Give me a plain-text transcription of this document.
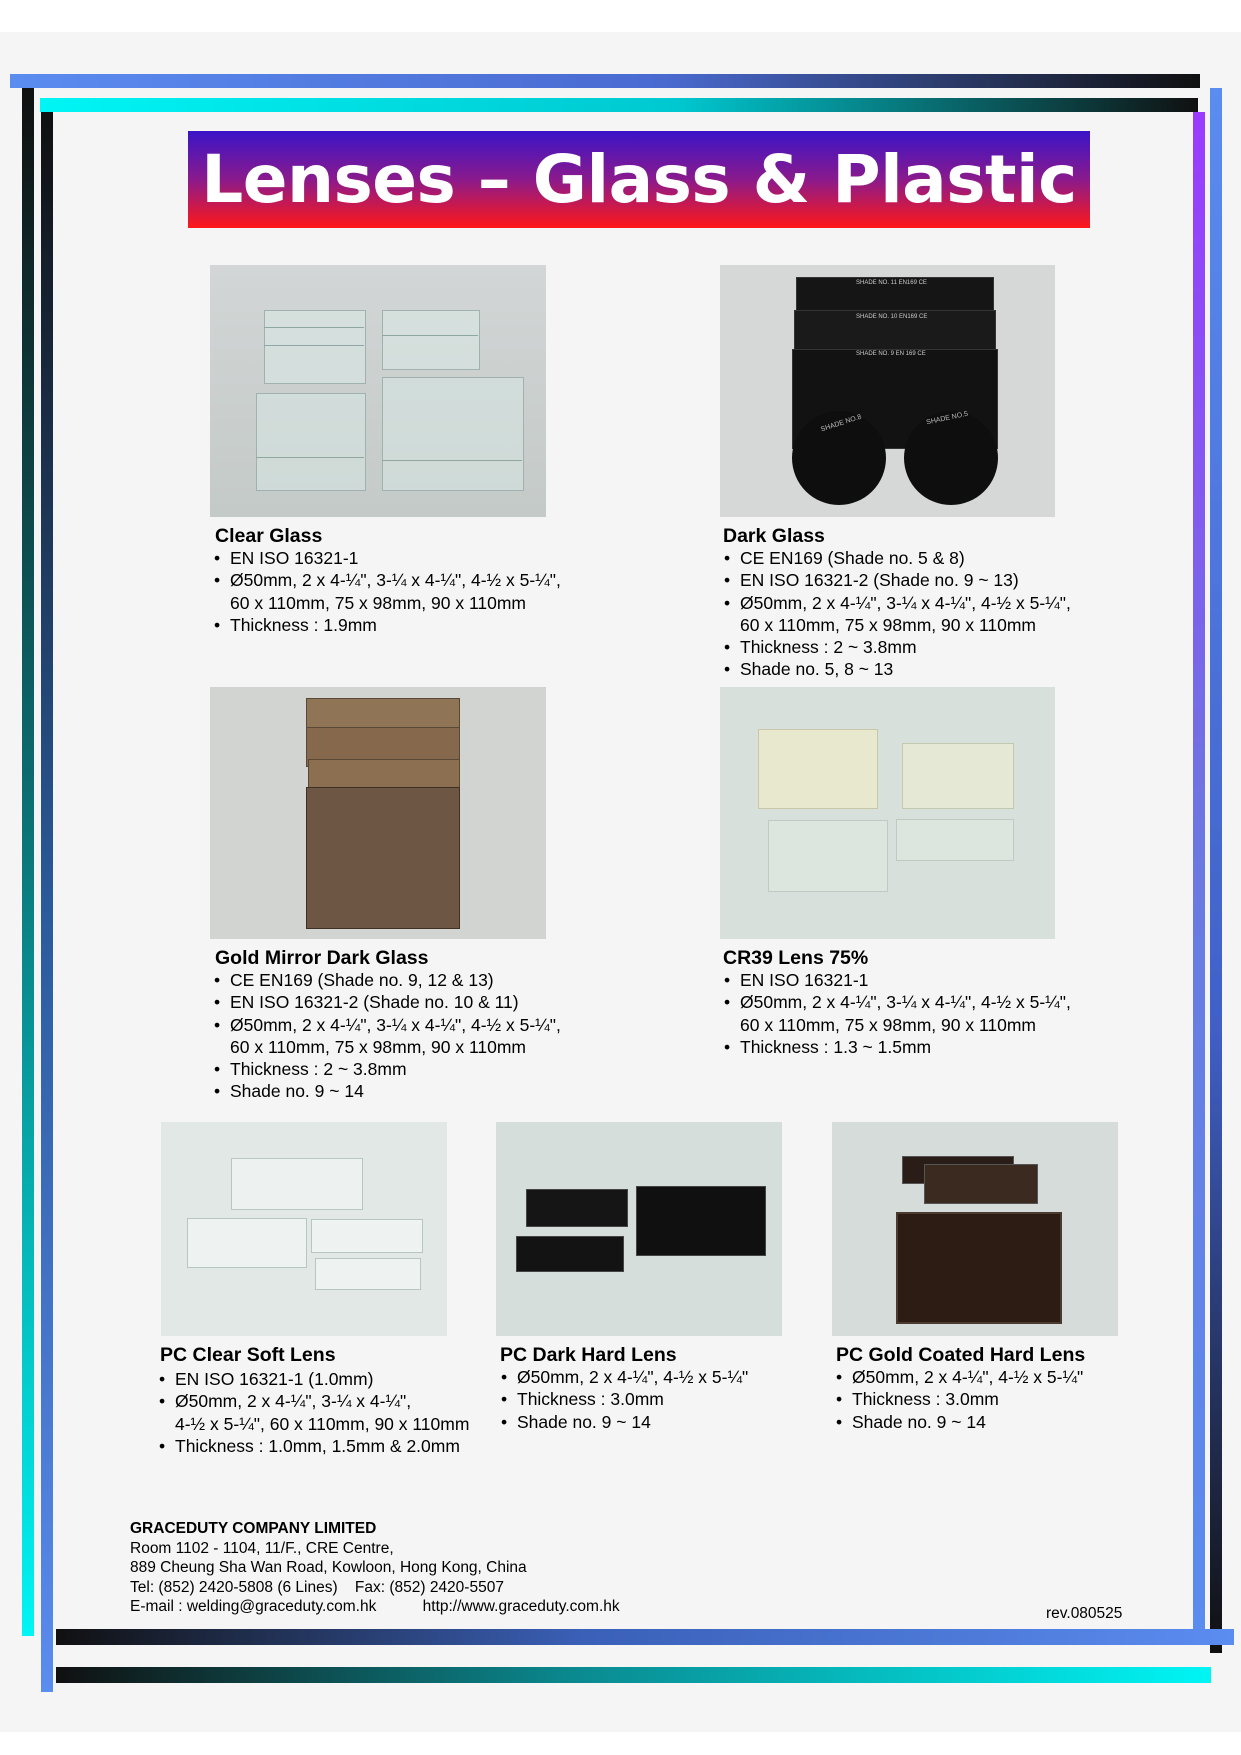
Lenses – Glass & Plastic
Clear Glass
• EN ISO 16321-1
• Ø50mm, 2 x 4-¼", 3-¼ x 4-¼", 4-½ x 5-¼",
60 x 110mm, 75 x 98mm, 90 x 110mm
• Thickness : 1.9mm
SHADE NO. 11 EN169 CE
SHADE NO. 10 EN169 CE
SHADE NO. 9 EN 169 CE
SHADE NO.8	SHADE NO.5
Dark Glass
• CE EN169 (Shade no. 5 & 8)
• EN ISO 16321-2 (Shade no. 9 ~ 13)
• Ø50mm, 2 x 4-¼", 3-¼ x 4-¼", 4-½ x 5-¼",
60 x 110mm, 75 x 98mm, 90 x 110mm
• Thickness : 2 ~ 3.8mm
• Shade no. 5, 8 ~ 13
Gold Mirror Dark Glass
• CE EN169 (Shade no. 9, 12 & 13)
• EN ISO 16321-2 (Shade no. 10 & 11)
• Ø50mm, 2 x 4-¼", 3-¼ x 4-¼", 4-½ x 5-¼",
60 x 110mm, 75 x 98mm, 90 x 110mm
• Thickness : 2 ~ 3.8mm
• Shade no. 9 ~ 14
CR39 Lens 75%
• EN ISO 16321-1
• Ø50mm, 2 x 4-¼", 3-¼ x 4-¼", 4-½ x 5-¼",
60 x 110mm, 75 x 98mm, 90 x 110mm
• Thickness : 1.3 ~ 1.5mm
PC Clear Soft Lens
• EN ISO 16321-1 (1.0mm)
• Ø50mm, 2 x 4-¼", 3-¼ x 4-¼",
4-½ x 5-¼", 60 x 110mm, 90 x 110mm
• Thickness : 1.0mm, 1.5mm & 2.0mm
PC Dark Hard Lens
• Ø50mm, 2 x 4-¼", 4-½ x 5-¼"
• Thickness : 3.0mm
• Shade no. 9 ~ 14
PC Gold Coated Hard Lens
• Ø50mm, 2 x 4-¼", 4-½ x 5-¼"
• Thickness : 3.0mm
• Shade no. 9 ~ 14
GRACEDUTY COMPANY LIMITED
Room 1102 - 1104, 11/F., CRE Centre,
889 Cheung Sha Wan Road, Kowloon, Hong Kong, China
Tel: (852) 2420-5808 (6 Lines)    Fax: (852) 2420-5507
E-mail : welding@graceduty.com.hk	http://www.graceduty.com.hk	rev.080525
